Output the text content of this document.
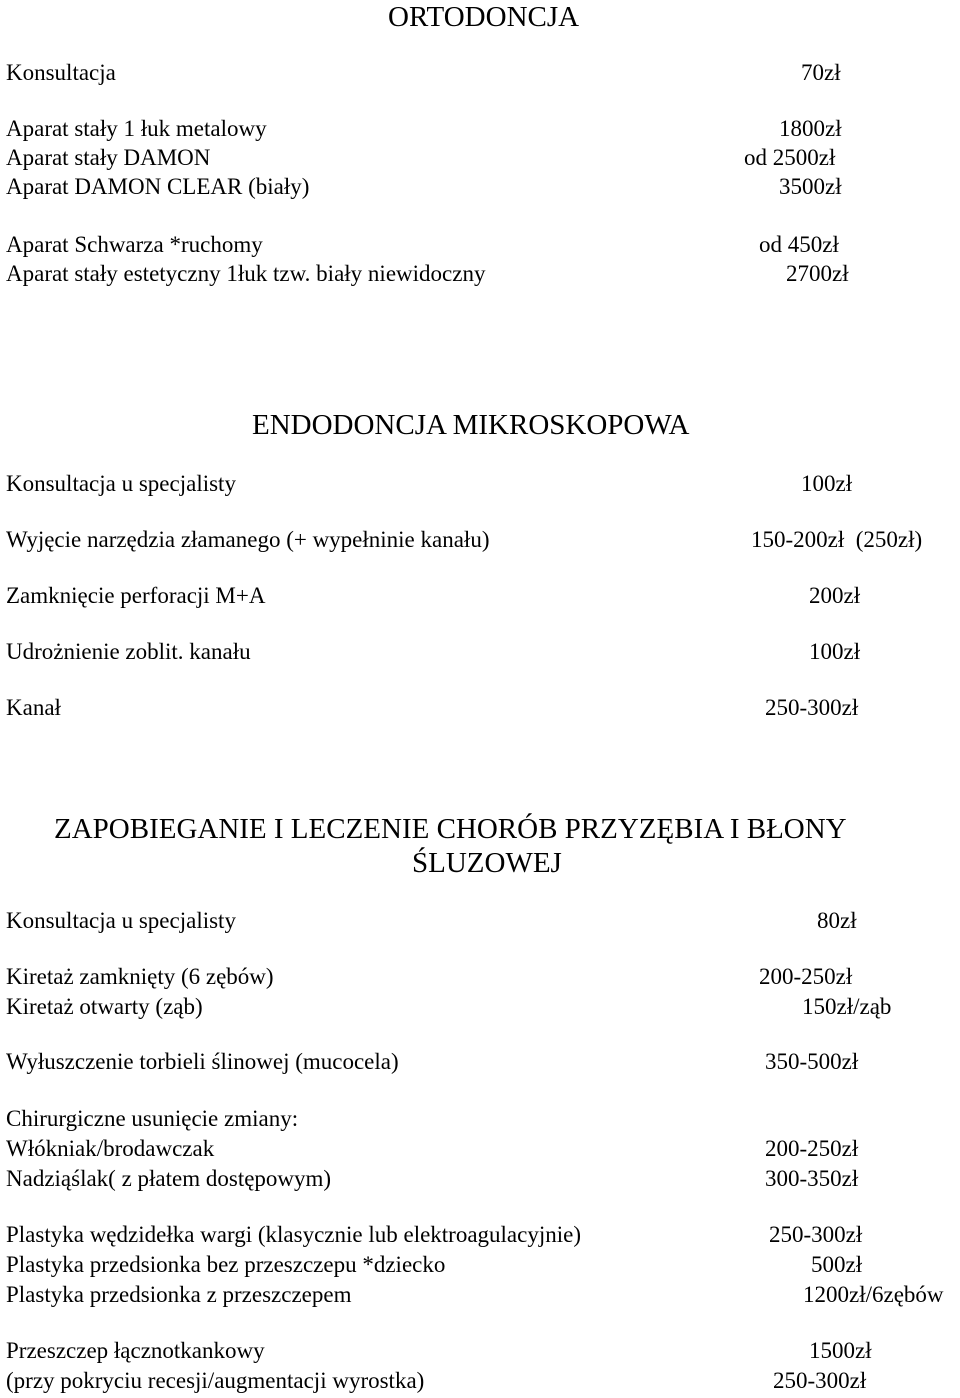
ORTODONCJA
Konsultacja	70zł
Aparat stały 1 łuk metalowy	1800zł
Aparat stały DAMON	od 2500zł
Aparat DAMON CLEAR (biały)	3500zł
Aparat Schwarza *ruchomy	od 450zł
Aparat stały estetyczny 1łuk tzw. biały niewidoczny	2700zł
ENDODONCJA MIKROSKOPOWA
Konsultacja u specjalisty	100zł
Wyjęcie narzędzia złamanego (+ wypełninie kanału)	150-200zł  (250zł)
Zamknięcie perforacji M+A	200zł
Udrożnienie zoblit. kanału	100zł
Kanał	250-300zł
ZAPOBIEGANIE I LECZENIE CHORÓB PRZYZĘBIA I BŁONY
ŚLUZOWEJ
Konsultacja u specjalisty	80zł
Kiretaż zamknięty (6 zębów)	200-250zł
Kiretaż otwarty (ząb)	150zł/ząb
Wyłuszczenie torbieli ślinowej (mucocela)	350-500zł
Chirurgiczne usunięcie zmiany:
Włókniak/brodawczak	200-250zł
Nadziąślak( z płatem dostępowym)	300-350zł
Plastyka wędzidełka wargi (klasycznie lub elektroagulacyjnie)	250-300zł
Plastyka przedsionka bez przeszczepu *dziecko	500zł
Plastyka przedsionka z przeszczepem	1200zł/6zębów
Przeszczep łącznotkankowy	1500zł
(przy pokryciu recesji/augmentacji wyrostka)	250-300zł
